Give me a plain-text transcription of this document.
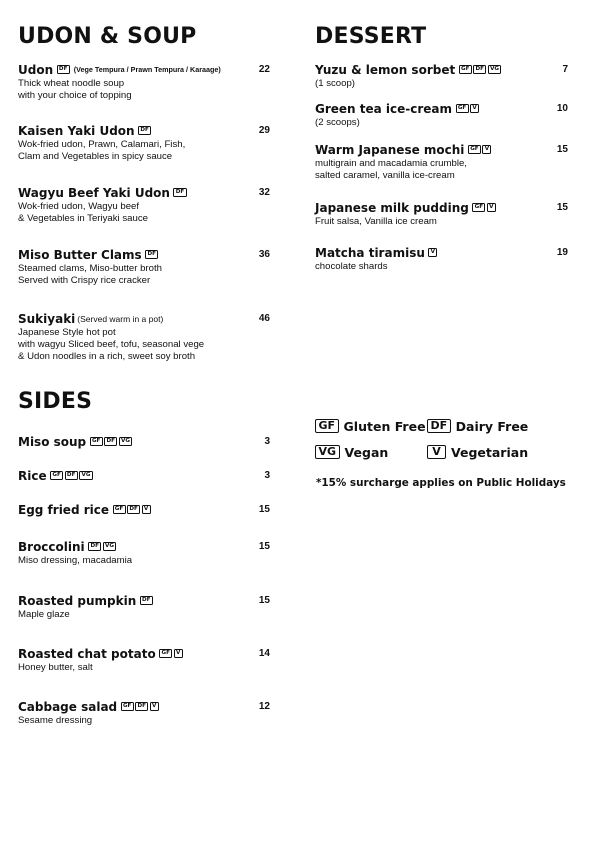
UDON & SOUP
Udon	DF (Vege Tempura / Prawn Tempura / Karaage)	22
Thick wheat noodle soup
with your choice of topping
Kaisen Yaki Udon	DF	29
Wok-fried udon, Prawn, Calamari, Fish,
Clam and Vegetables in spicy sauce
Wagyu Beef Yaki Udon	DF	32
Wok-fried udon, Wagyu beef
& Vegetables in Teriyaki sauce
Miso Butter Clams	DF	36
Steamed clams, Miso-butter broth
Served with Crispy rice cracker
Sukiyaki (Served warm in a pot)	46
Japanese Style hot pot
with wagyu Sliced beef, tofu, seasonal vege
& Udon noodles in a rich, sweet soy broth
SIDES
Miso soup	GF	DF	VG	3
Rice	GF	DF	VG	3
Egg fried rice	GF	DF	V	15
Broccolini	DF	VG	15
Miso dressing, macadamia
Roasted pumpkin	DF	15
Maple glaze
Roasted chat potato	GF	V	14
Honey butter, salt
Cabbage salad	GF	DF	V	12
Sesame dressing
DESSERT
Yuzu & lemon sorbet	GF	DF	VG	7
(1 scoop)
Green tea ice-cream	GF	V	10
(2 scoops)
Warm Japanese mochi	GF	V	15
multigrain and macadamia crumble,
salted caramel, vanilla ice-cream
Japanese milk pudding	GF	V	15
Fruit salsa, Vanilla ice cream
Matcha tiramisu	V	19
chocolate shards
GF Gluten Free DF Dairy Free
VG Vegan	V Vegetarian
*15% surcharge applies on Public Holidays
